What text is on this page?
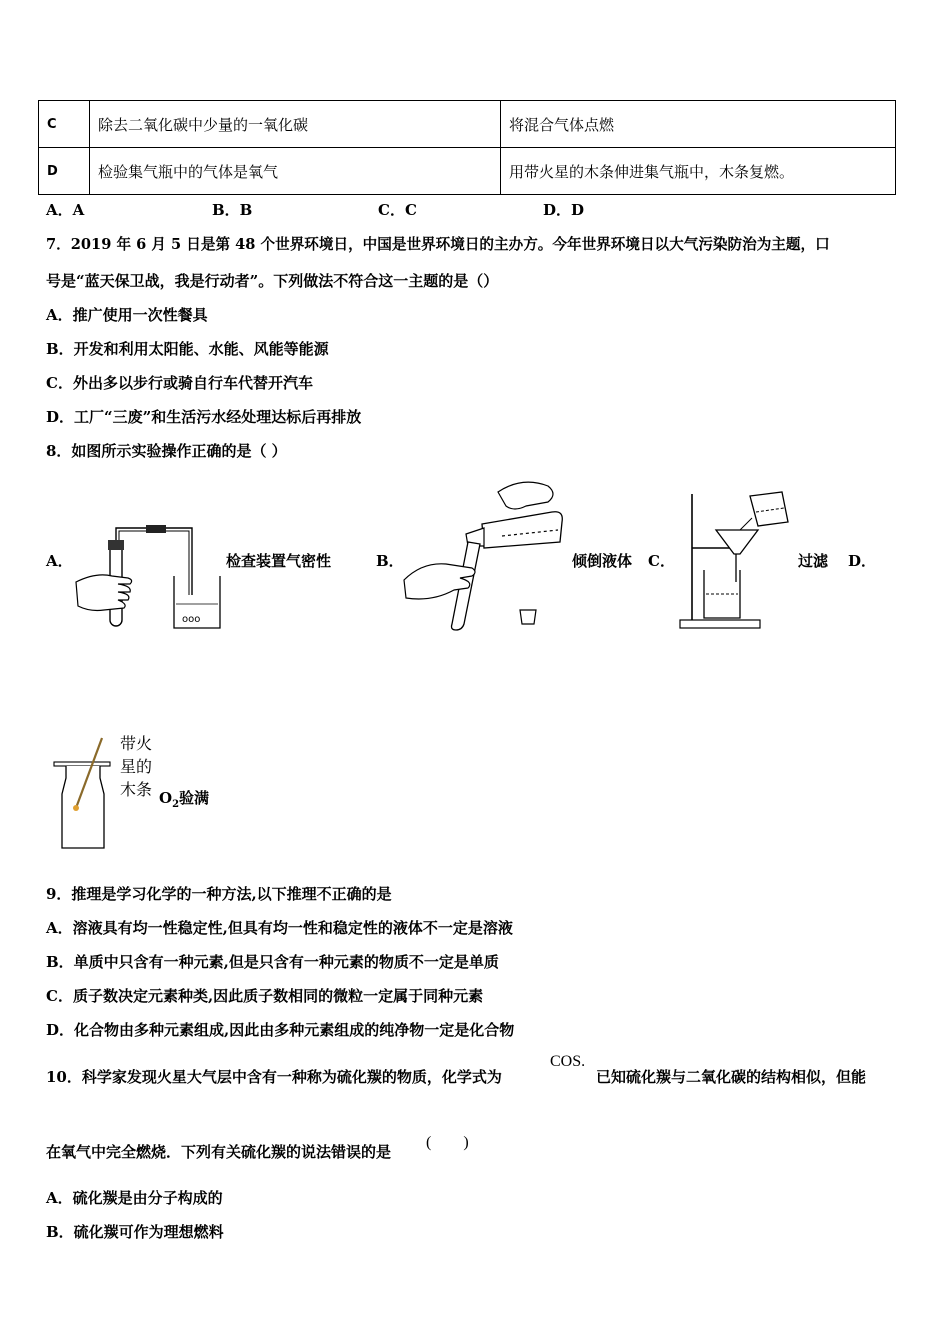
C	除去二氧化碳中少量的一氧化碳	将混合气体点燃
D	检验集气瓶中的气体是氧气	用带火星的木条伸进集气瓶中，木条复燃。
A．A	B．B	C．C	D．D
7．2019 年 6 月 5 日是第 48 个世界环境日，中国是世界环境日的主办方。今年世界环境日以大气污染防治为主题，口
号是“蓝天保卫战，我是行动者”。下列做法不符合这一主题的是（）
A．推广使用一次性餐具
B．开发和利用太阳能、水能、风能等能源
C．外出多以步行或骑自行车代替开汽车
D．工厂“三废”和生活污水经处理达标后再排放
8．如图所示实验操作正确的是（ ）
A．
ooo
检查装置气密性	B．	倾倒液体 C．	过滤 D．
带火
星的
木条 $O_2$验满
9．推理是学习化学的一种方法,以下推理不正确的是
A．溶液具有均一性稳定性,但具有均一性和稳定性的液体不一定是溶液
B．单质中只含有一种元素,但是只含有一种元素的物质不一定是单质
C．质子数决定元素种类,因此质子数相同的微粒一定属于同种元素
D．化合物由多种元素组成,因此由多种元素组成的纯净物一定是化合物
10．科学家发现火星大气层中含有一种称为硫化羰的物质，化学式为
COS.
已知硫化羰与二氧化碳的结构相似，但能
在氧气中完全燃烧．下列有关硫化羰的说法错误的是
(　　)
A．硫化羰是由分子构成的
B．硫化羰可作为理想燃料
